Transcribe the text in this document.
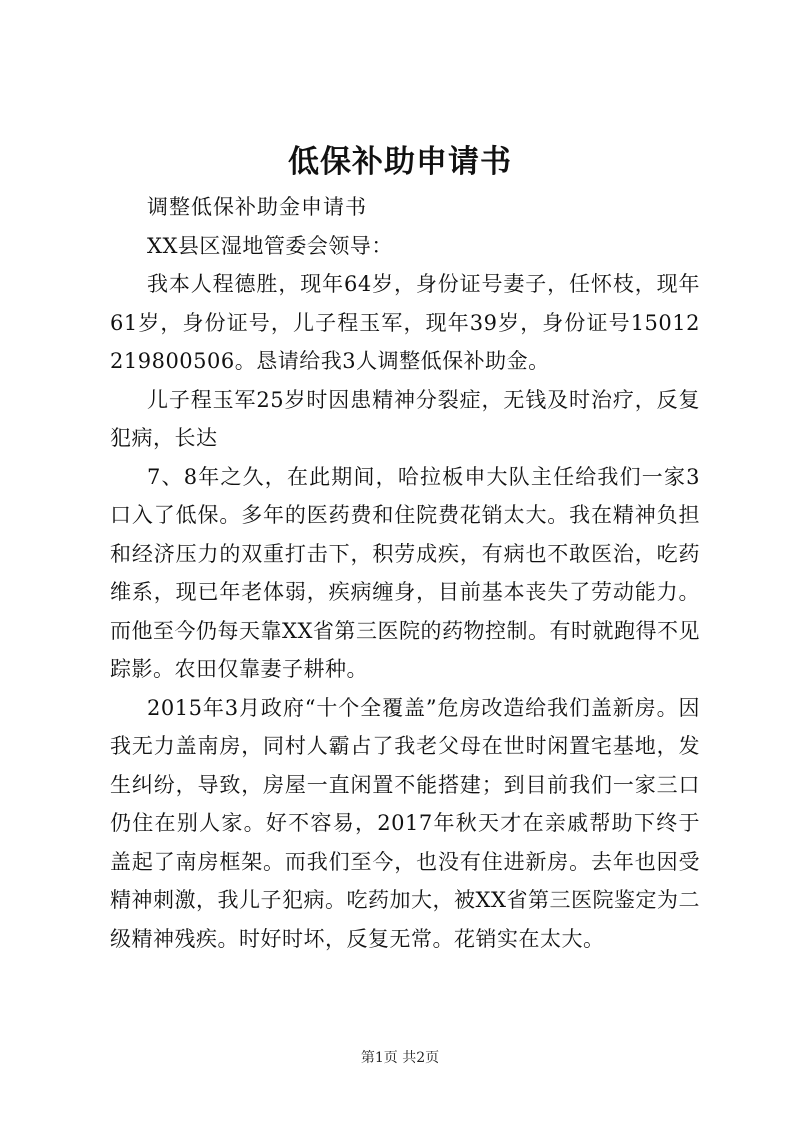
低保补助申请书

调整低保补助金申请书

XX县区湿地管委会领导：

我本人程德胜，现年64岁，身份证号妻子，任怀枝，现年61岁，身份证号，儿子程玉军，现年39岁，身份证号15012219800506。恳请给我3人调整低保补助金。

儿子程玉军25岁时因患精神分裂症，无钱及时治疗，反复犯病，长达

7、8年之久，在此期间，哈拉板申大队主任给我们一家3口入了低保。多年的医药费和住院费花销太大。我在精神负担和经济压力的双重打击下，积劳成疾，有病也不敢医治，吃药维系，现已年老体弱，疾病缠身，目前基本丧失了劳动能力。而他至今仍每天靠XX省第三医院的药物控制。有时就跑得不见踪影。农田仅靠妻子耕种。

2015年3月政府“十个全覆盖”危房改造给我们盖新房。因我无力盖南房，同村人霸占了我老父母在世时闲置宅基地，发生纠纷，导致，房屋一直闲置不能搭建；到目前我们一家三口仍住在别人家。好不容易，2017年秋天才在亲戚帮助下终于盖起了南房框架。而我们至今，也没有住进新房。去年也因受精神刺激，我儿子犯病。吃药加大，被XX省第三医院鉴定为二级精神残疾。时好时坏，反复无常。花销实在太大。

第1页 共2页
